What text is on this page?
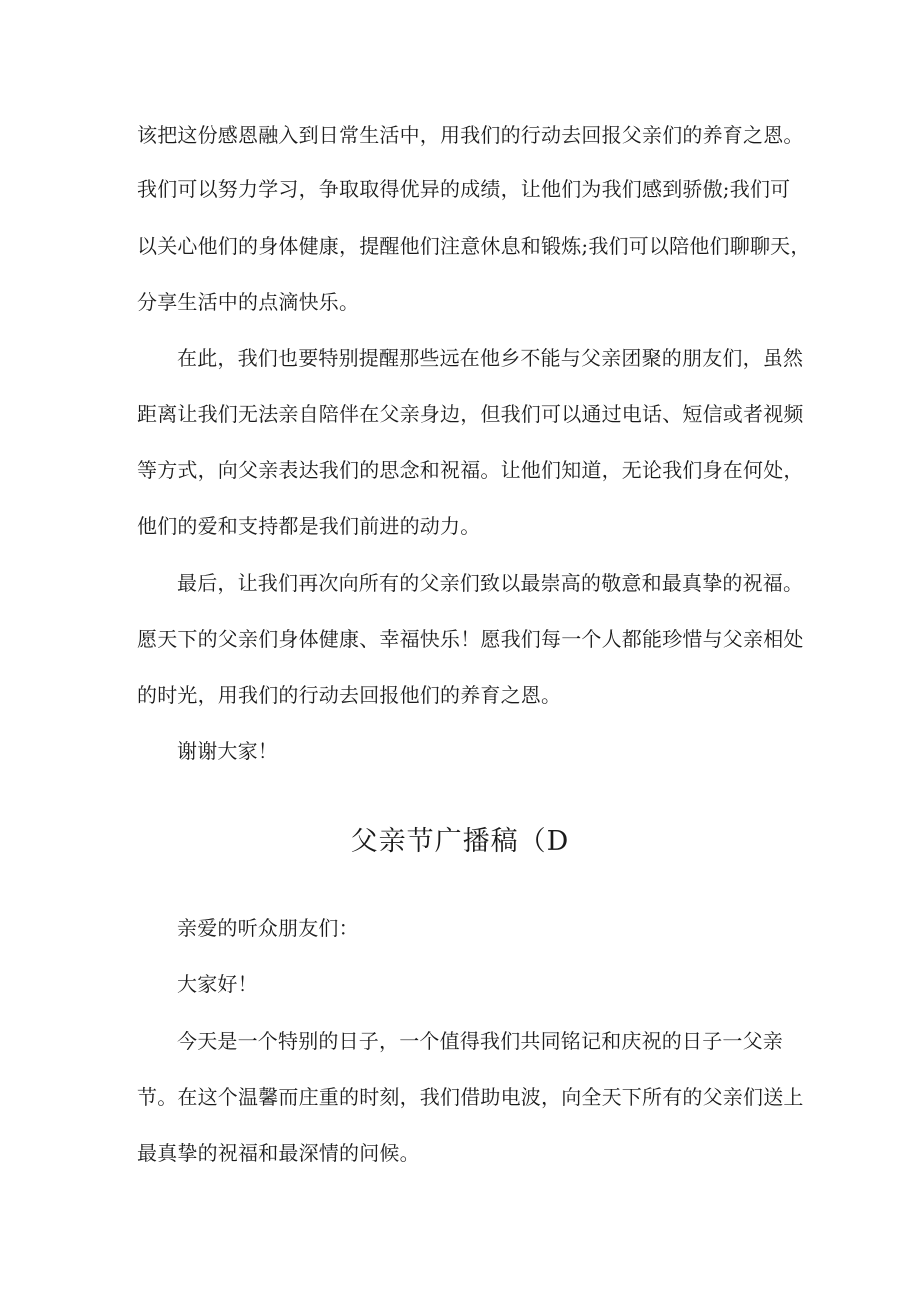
该把这份感恩融入到日常生活中，用我们的行动去回报父亲们的养育之恩。
我们可以努力学习，争取取得优异的成绩，让他们为我们感到骄傲;我们可
以关心他们的身体健康，提醒他们注意休息和锻炼;我们可以陪他们聊聊天，
分享生活中的点滴快乐。
在此，我们也要特别提醒那些远在他乡不能与父亲团聚的朋友们，虽然
距离让我们无法亲自陪伴在父亲身边，但我们可以通过电话、短信或者视频
等方式，向父亲表达我们的思念和祝福。让他们知道，无论我们身在何处，
他们的爱和支持都是我们前进的动力。
最后，让我们再次向所有的父亲们致以最崇高的敬意和最真挚的祝福。
愿天下的父亲们身体健康、幸福快乐！愿我们每一个人都能珍惜与父亲相处
的时光，用我们的行动去回报他们的养育之恩。
谢谢大家！
父亲节广播稿（D
亲爱的听众朋友们：
大家好！
今天是一个特别的日子，一个值得我们共同铭记和庆祝的日子一父亲
节。在这个温馨而庄重的时刻，我们借助电波，向全天下所有的父亲们送上
最真挚的祝福和最深情的问候。
